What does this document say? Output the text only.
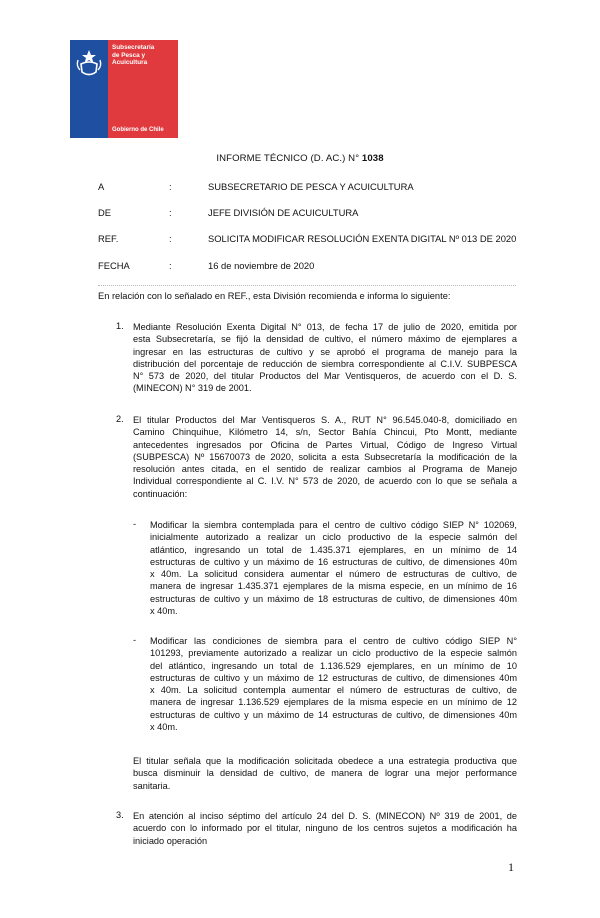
Subsecretaría
de Pesca y
Acuicultura
Gobierno de Chile
INFORME TÉCNICO (D. AC.) N° 1038
A	:	SUBSECRETARIO DE PESCA Y ACUICULTURA
DE	:	JEFE DIVISIÓN DE ACUICULTURA
REF.	:	SOLICITA MODIFICAR RESOLUCIÓN EXENTA DIGITAL Nº 013 DE 2020
FECHA	:	16 de noviembre de 2020
En relación con lo señalado en REF., esta División recomienda e informa lo siguiente:
1. Mediante Resolución Exenta Digital N° 013, de fecha 17 de julio de 2020, emitida por
esta Subsecretaría, se fijó la densidad de cultivo, el número máximo de ejemplares a
ingresar en las estructuras de cultivo y se aprobó el programa de manejo para la
distribución del porcentaje de reducción de siembra correspondiente al C.I.V. SUBPESCA
N° 573 de 2020, del titular Productos del Mar Ventisqueros, de acuerdo con el D. S.
(MINECON) N° 319 de 2001.
2. El titular Productos del Mar Ventisqueros S. A., RUT N° 96.545.040-8, domiciliado en
Camino Chinquihue, Kilómetro 14, s/n, Sector Bahía Chincui, Pto Montt, mediante
antecedentes ingresados por Oficina de Partes Virtual, Código de Ingreso Virtual
(SUBPESCA) Nº 15670073 de 2020, solicita a esta Subsecretaría la modificación de la
resolución antes citada, en el sentido de realizar cambios al Programa de Manejo
Individual correspondiente al C. I.V. N° 573 de 2020, de acuerdo con lo que se señala a
continuación:
- Modificar la siembra contemplada para el centro de cultivo código SIEP N° 102069,
inicialmente autorizado a realizar un ciclo productivo de la especie salmón del
atlántico, ingresando un total de 1.435.371 ejemplares, en un mínimo de 14
estructuras de cultivo y un máximo de 16 estructuras de cultivo, de dimensiones 40m
x 40m. La solicitud considera aumentar el número de estructuras de cultivo, de
manera de ingresar 1.435.371 ejemplares de la misma especie, en un mínimo de 16
estructuras de cultivo y un máximo de 18 estructuras de cultivo, de dimensiones 40m
x 40m.
- Modificar las condiciones de siembra para el centro de cultivo código SIEP N°
101293, previamente autorizado a realizar un ciclo productivo de la especie salmón
del atlántico, ingresando un total de 1.136.529 ejemplares, en un mínimo de 10
estructuras de cultivo y un máximo de 12 estructuras de cultivo, de dimensiones 40m
x 40m. La solicitud contempla aumentar el número de estructuras de cultivo, de
manera de ingresar 1.136.529 ejemplares de la misma especie en un mínimo de 12
estructuras de cultivo y un máximo de 14 estructuras de cultivo, de dimensiones 40m
x 40m.
El titular señala que la modificación solicitada obedece a una estrategia productiva que
busca disminuir la densidad de cultivo, de manera de lograr una mejor performance
sanitaria.
3. En atención al inciso séptimo del artículo 24 del D. S. (MINECON) Nº 319 de 2001, de
acuerdo con lo informado por el titular, ninguno de los centros sujetos a modificación ha
iniciado operación
1
